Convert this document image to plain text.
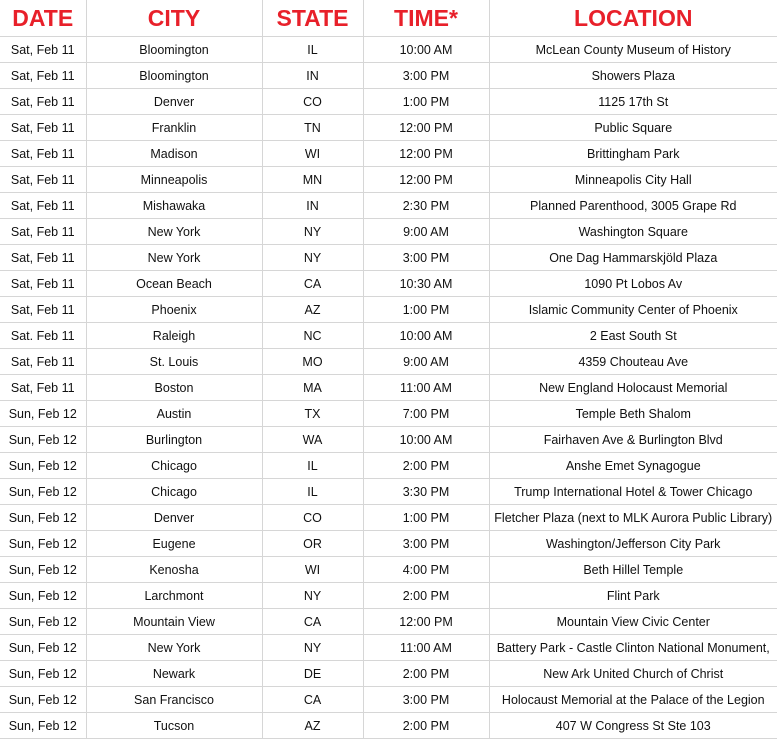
DATE	CITY	STATE	TIME*	LOCATION
Sat, Feb 11	Bloomington	IL	10:00 AM	McLean County Museum of History
Sat, Feb 11	Bloomington	IN	3:00 PM	Showers Plaza
Sat, Feb 11	Denver	CO	1:00 PM	1125 17th St
Sat, Feb 11	Franklin	TN	12:00 PM	Public Square
Sat, Feb 11	Madison	WI	12:00 PM	Brittingham Park
Sat, Feb 11	Minneapolis	MN	12:00 PM	Minneapolis City Hall
Sat, Feb 11	Mishawaka	IN	2:30 PM	Planned Parenthood, 3005 Grape Rd
Sat, Feb 11	New York	NY	9:00 AM	Washington Square
Sat, Feb 11	New York	NY	3:00 PM	One Dag Hammarskjöld Plaza
Sat, Feb 11	Ocean Beach	CA	10:30 AM	1090 Pt Lobos Av
Sat, Feb 11	Phoenix	AZ	1:00 PM	Islamic Community Center of Phoenix
Sat. Feb 11	Raleigh	NC	10:00 AM	2 East South St
Sat, Feb 11	St. Louis	MO	9:00 AM	4359 Chouteau Ave
Sat, Feb 11	Boston	MA	11:00 AM	New England Holocaust Memorial
Sun, Feb 12	Austin	TX	7:00 PM	Temple Beth Shalom
Sun, Feb 12	Burlington	WA	10:00 AM	Fairhaven Ave & Burlington Blvd
Sun, Feb 12	Chicago	IL	2:00 PM	Anshe Emet Synagogue
Sun, Feb 12	Chicago	IL	3:30 PM	Trump International Hotel & Tower Chicago
Sun, Feb 12	Denver	CO	1:00 PM	Fletcher Plaza (next to MLK Aurora Public Library)
Sun, Feb 12	Eugene	OR	3:00 PM	Washington/Jefferson City Park
Sun, Feb 12	Kenosha	WI	4:00 PM	Beth Hillel Temple
Sun, Feb 12	Larchmont	NY	2:00 PM	Flint Park
Sun, Feb 12	Mountain View	CA	12:00 PM	Mountain View Civic Center
Sun, Feb 12	New York	NY	11:00 AM	Battery Park - Castle Clinton National Monument,
Sun, Feb 12	Newark	DE	2:00 PM	New Ark United Church of Christ
Sun, Feb 12	San Francisco	CA	3:00 PM	Holocaust Memorial at the Palace of the Legion
Sun, Feb 12	Tucson	AZ	2:00 PM	407 W Congress St Ste 103
